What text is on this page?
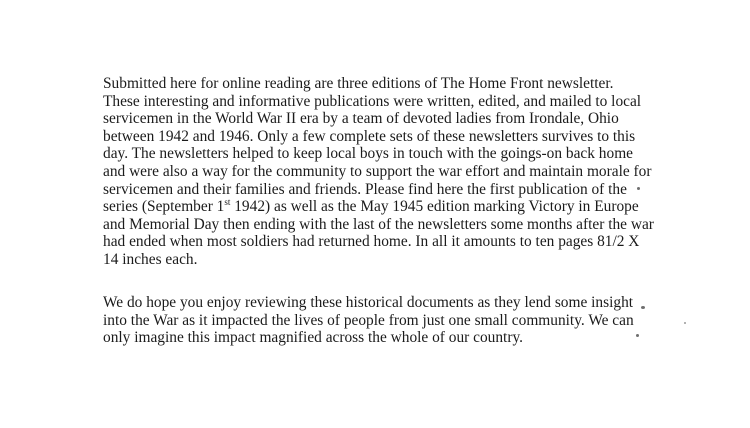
Submitted here for online reading are three editions of The Home Front newsletter.
These interesting and informative publications were written, edited, and mailed to local
servicemen in the World War II era by a team of devoted ladies from Irondale, Ohio
between 1942 and 1946. Only a few complete sets of these newsletters survives to this
day. The newsletters helped to keep local boys in touch with the goings-on back home
and were also a way for the community to support the war effort and maintain morale for
servicemen and their families and friends. Please find here the first publication of the
series (September 1st 1942) as well as the May 1945 edition marking Victory in Europe
and Memorial Day then ending with the last of the newsletters some months after the war
had ended when most soldiers had returned home. In all it amounts to ten pages 81/2 X
14 inches each.

We do hope you enjoy reviewing these historical documents as they lend some insight
into the War as it impacted the lives of people from just one small community. We can
only imagine this impact magnified across the whole of our country.
